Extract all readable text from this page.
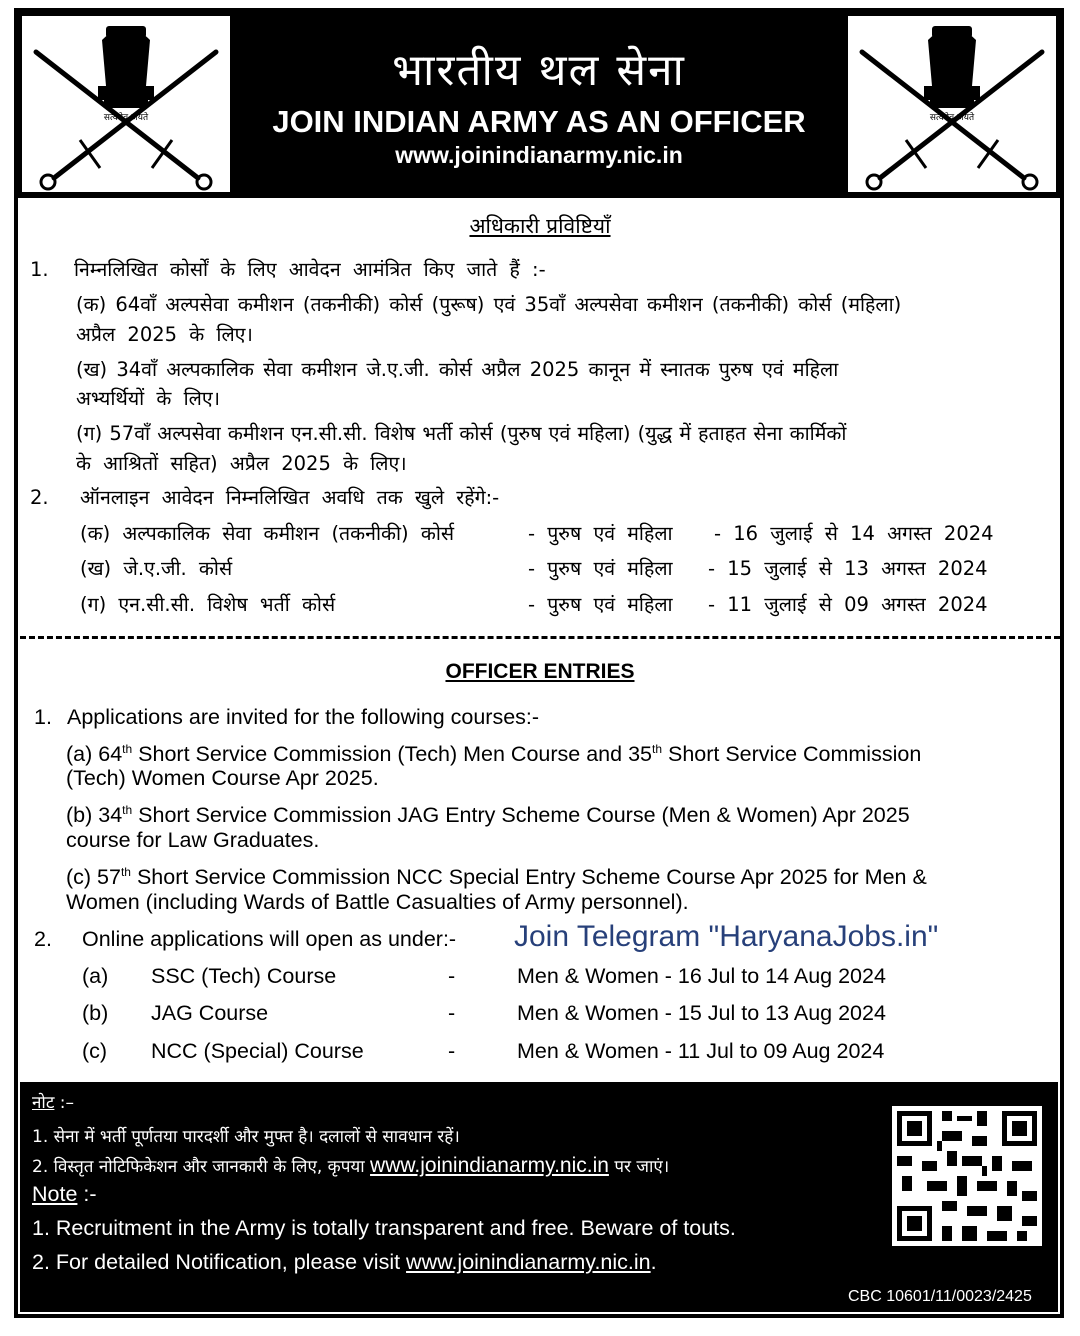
सत्यमेव जयते
भारतीय थल सेना
JOIN INDIAN ARMY AS AN OFFICER
www.joinindianarmy.nic.in
सत्यमेव जयते
अधिकारी प्रविष्टियाँ
1. निम्नलिखित कोर्सों के लिए आवेदन आमंत्रित किए जाते हैं :-
(क) 64वाँ अल्पसेवा कमीशन (तकनीकी) कोर्स (पुरूष) एवं 35वाँ अल्पसेवा कमीशन (तकनीकी) कोर्स (महिला)
अप्रैल 2025 के लिए।
(ख) 34वाँ अल्पकालिक सेवा कमीशन जे.ए.जी. कोर्स अप्रैल 2025 कानून में स्नातक पुरुष एवं महिला
अभ्यर्थियों के लिए।
(ग) 57वाँ अल्पसेवा कमीशन एन.सी.सी. विशेष भर्ती कोर्स (पुरुष एवं महिला) (युद्ध में हताहत सेना कार्मिकों
के आश्रितों सहित) अप्रैल 2025 के लिए।
2. ऑनलाइन आवेदन निम्नलिखित अवधि तक खुले रहेंगे:-
(क) अल्पकालिक सेवा कमीशन (तकनीकी) कोर्स	- पुरुष एवं महिला - 16 जुलाई से 14 अगस्त 2024
(ख) जे.ए.जी. कोर्स	- पुरुष एवं महिला - 15 जुलाई से 13 अगस्त 2024
(ग) एन.सी.सी. विशेष भर्ती कोर्स	- पुरुष एवं महिला - 11 जुलाई से 09 अगस्त 2024
OFFICER ENTRIES
1. Applications are invited for the following courses:-
(a) 64th Short Service Commission (Tech) Men Course and 35th Short Service Commission
(Tech) Women Course Apr 2025.
(b) 34th Short Service Commission JAG Entry Scheme Course (Men & Women) Apr 2025
course for Law Graduates.
(c) 57th Short Service Commission NCC Special Entry Scheme Course Apr 2025 for Men &
Women (including Wards of Battle Casualties of Army personnel).
2. Online applications will open as under:- Join Telegram "HaryanaJobs.in"
(a) SSC (Tech) Course	-	Men & Women - 16 Jul to 14 Aug 2024
(b) JAG Course	-	Men & Women - 15 Jul to 13 Aug 2024
(c) NCC (Special) Course	-	Men & Women - 11 Jul to 09 Aug 2024
नोट :–
1. सेना में भर्ती पूर्णतया पारदर्शी और मुफ्त है। दलालों से सावधान रहें।
2. विस्तृत नोटिफिकेशन और जानकारी के लिए, कृपया www.joinindianarmy.nic.in पर जाएं।
Note :-
1. Recruitment in the Army is totally transparent and free. Beware of touts.
2. For detailed Notification, please visit www.joinindianarmy.nic.in.
CBC 10601/11/0023/2425
